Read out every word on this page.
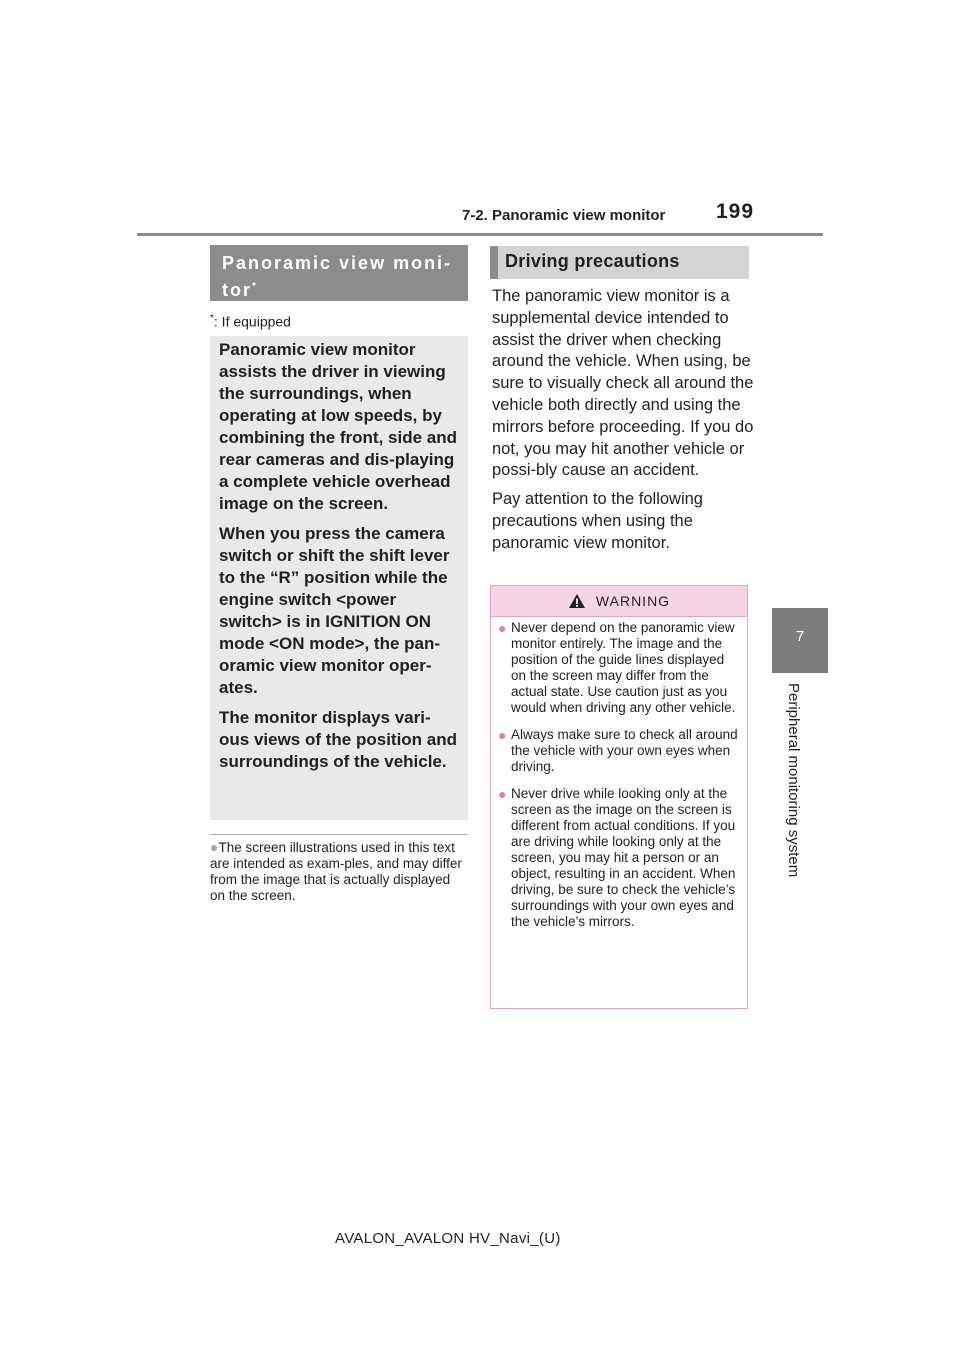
7-2. Panoramic view monitor 199
7
Peripheral monitoring system
Panoramic view moni-
tor*
*: If equipped

Panoramic view monitor assists the driver in viewing the surroundings, when operating at low speeds, by combining the front, side and rear cameras and dis-playing a complete vehicle overhead image on the screen.

When you press the camera switch or shift the shift lever to the “R” position while the engine switch <power switch> is in IGNITION ON mode <ON mode>, the pan-oramic view monitor oper-ates.

The monitor displays vari-ous views of the position and surroundings of the vehicle.

●The screen illustrations used in this text are intended as exam-ples, and may differ from the image that is actually displayed on the screen.
Driving precautions

The panoramic view monitor is a supplemental device intended to assist the driver when checking around the vehicle. When using, be sure to visually check all around the vehicle both directly and using the mirrors before proceeding. If you do not, you may hit another vehicle or possi-bly cause an accident.

Pay attention to the following precautions when using the panoramic view monitor.

WARNING
● Never depend on the panoramic view monitor entirely. The image and the position of the guide lines displayed on the screen may differ from the actual state. Use caution just as you would when driving any other vehicle.
● Always make sure to check all around the vehicle with your own eyes when driving.
● Never drive while looking only at the screen as the image on the screen is different from actual conditions. If you are driving while looking only at the screen, you may hit a person or an object, resulting in an accident. When driving, be sure to check the vehicle’s surroundings with your own eyes and the vehicle’s mirrors.
AVALON_AVALON HV_Navi_(U)
